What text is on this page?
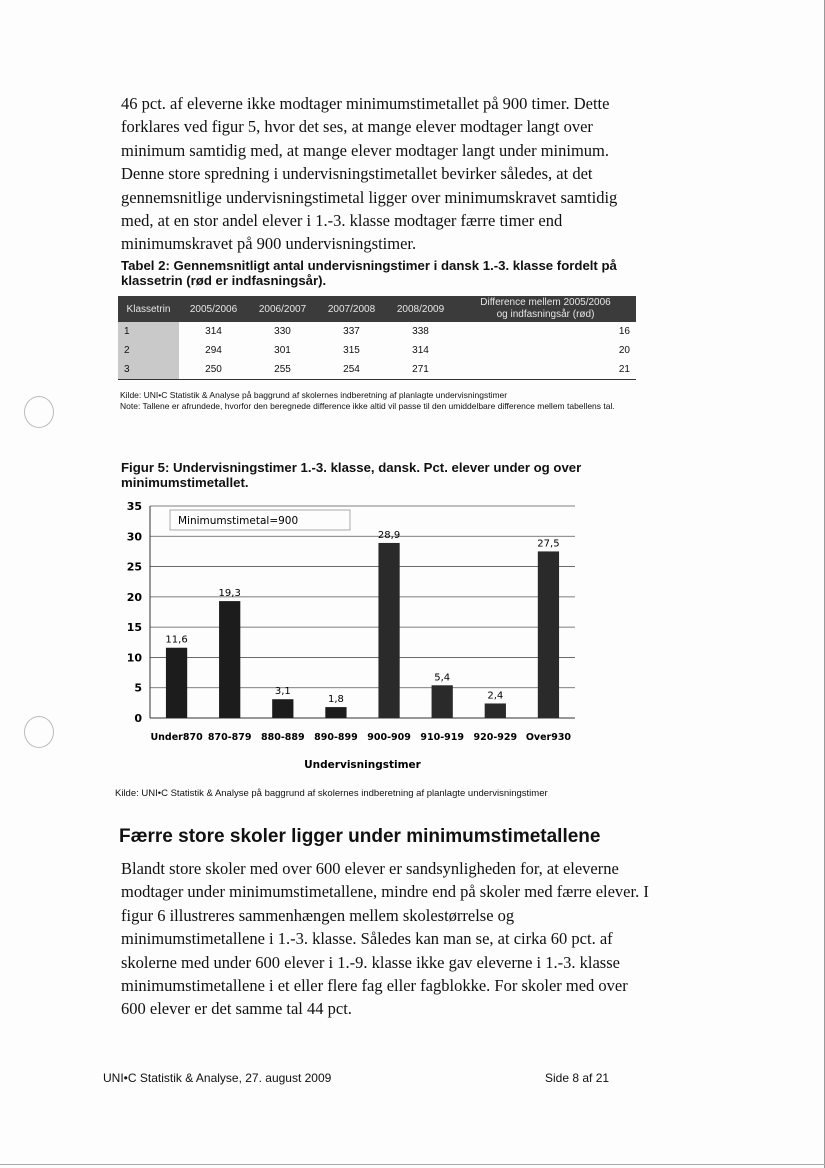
46 pct. af eleverne ikke modtager minimumstimetallet på 900 timer. Dette forklares ved figur 5, hvor det ses, at mange elever modtager langt over minimum samtidig med, at mange elever modtager langt under minimum. Denne store spredning i undervisningstimetallet bevirker således, at det gennemsnitlige undervisningstimetal ligger over minimumskravet samtidig med, at en stor andel elever i 1.-3. klasse modtager færre timer end minimumskravet på 900 undervisningstimer.

Tabel 2: Gennemsnitligt antal undervisningstimer i dansk 1.-3. klasse fordelt på klassetrin (rød er indfasningsår).

Klassetrin	2005/2006	2006/2007	2007/2008	2008/2009	Difference mellem 2005/2006
og indfasningsår (rød)

1	314	330	337	338	16
2	294	301	315	314	20
3	250	255	254	271	21

Kilde: UNI•C Statistik & Analyse på baggrund af skolernes indberetning af planlagte undervisningstimer

Note: Tallene er afrundede, hvorfor den beregnede difference ikke altid vil passe til den umiddelbare difference mellem tabellens tal.

Figur 5: Undervisningstimer 1.-3. klasse, dansk. Pct. elever under og over minimumstimetallet.

0
5
10
15
20
25
30
35
Minimumstimetal=900
11,6
Under870
19,3
870-879
3,1
880-889
1,8
890-899
28,9
900-909
5,4
910-919
2,4
920-929
27,5
Over930
Undervisningstimer

Kilde: UNI•C Statistik & Analyse på baggrund af skolernes indberetning af planlagte undervisningstimer

Færre store skoler ligger under minimumstimetallene

Blandt store skoler med over 600 elever er sandsynligheden for, at eleverne modtager under minimumstimetallene, mindre end på skoler med færre elever. I figur 6 illustreres sammenhængen mellem skolestørrelse og minimumstimetallene i 1.-3. klasse. Således kan man se, at cirka 60 pct. af skolerne med under 600 elever i 1.-9. klasse ikke gav eleverne i 1.-3. klasse minimumstimetallene i et eller flere fag eller fagblokke. For skoler med over 600 elever er det samme tal 44 pct.

UNI•C Statistik & Analyse, 27. august 2009	Side 8 af 21
